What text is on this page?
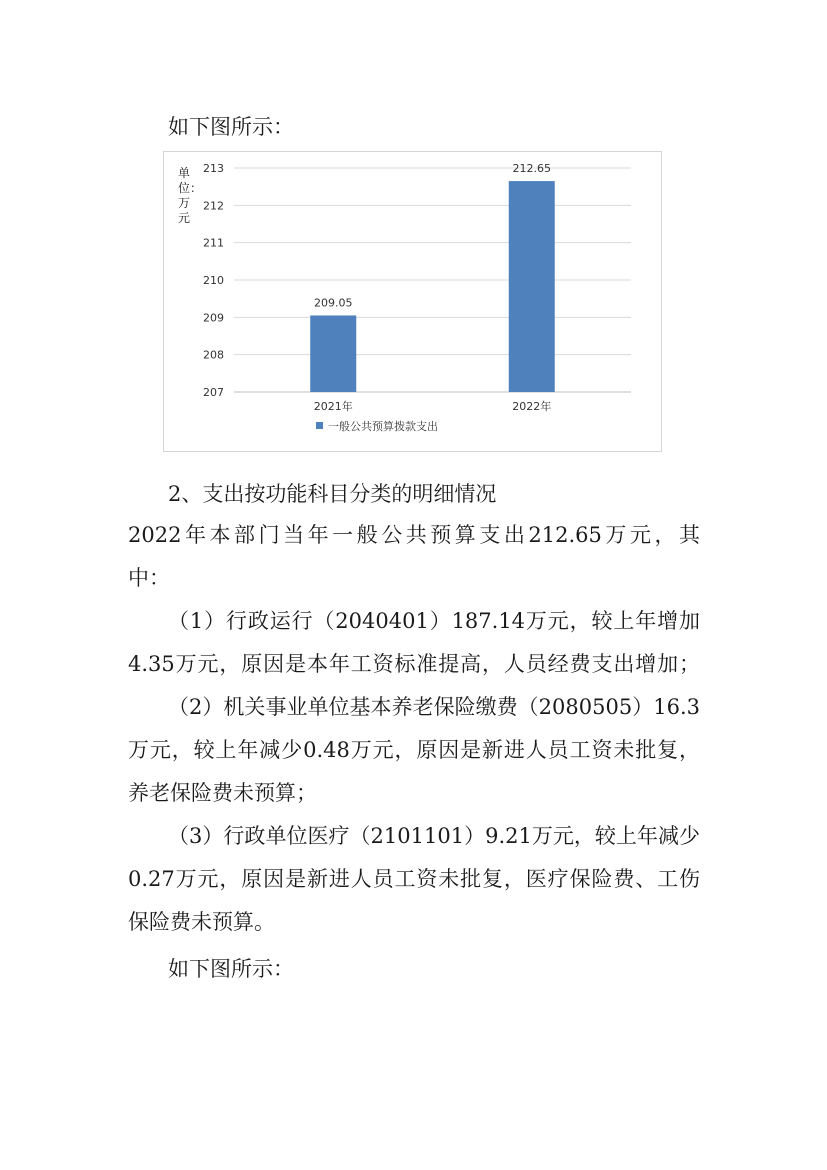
如下图所示：
单位：万元
207
208
209
210
211
212
213
209.05
2021年
212.65
2022年
一般公共预算拨款支出
2、支出按功能科目分类的明细情况
2022年本部门当年一般公共预算支出212.65万元，其
中：
（1）行政运行（2040401）187.14万元，较上年增加
4.35万元，原因是本年工资标准提高，人员经费支出增加；
（2）机关事业单位基本养老保险缴费（2080505）16.3
万元，较上年减少0.48万元，原因是新进人员工资未批复，
养老保险费未预算；
（3）行政单位医疗（2101101）9.21万元，较上年减少
0.27万元，原因是新进人员工资未批复，医疗保险费、工伤
保险费未预算。
如下图所示：
